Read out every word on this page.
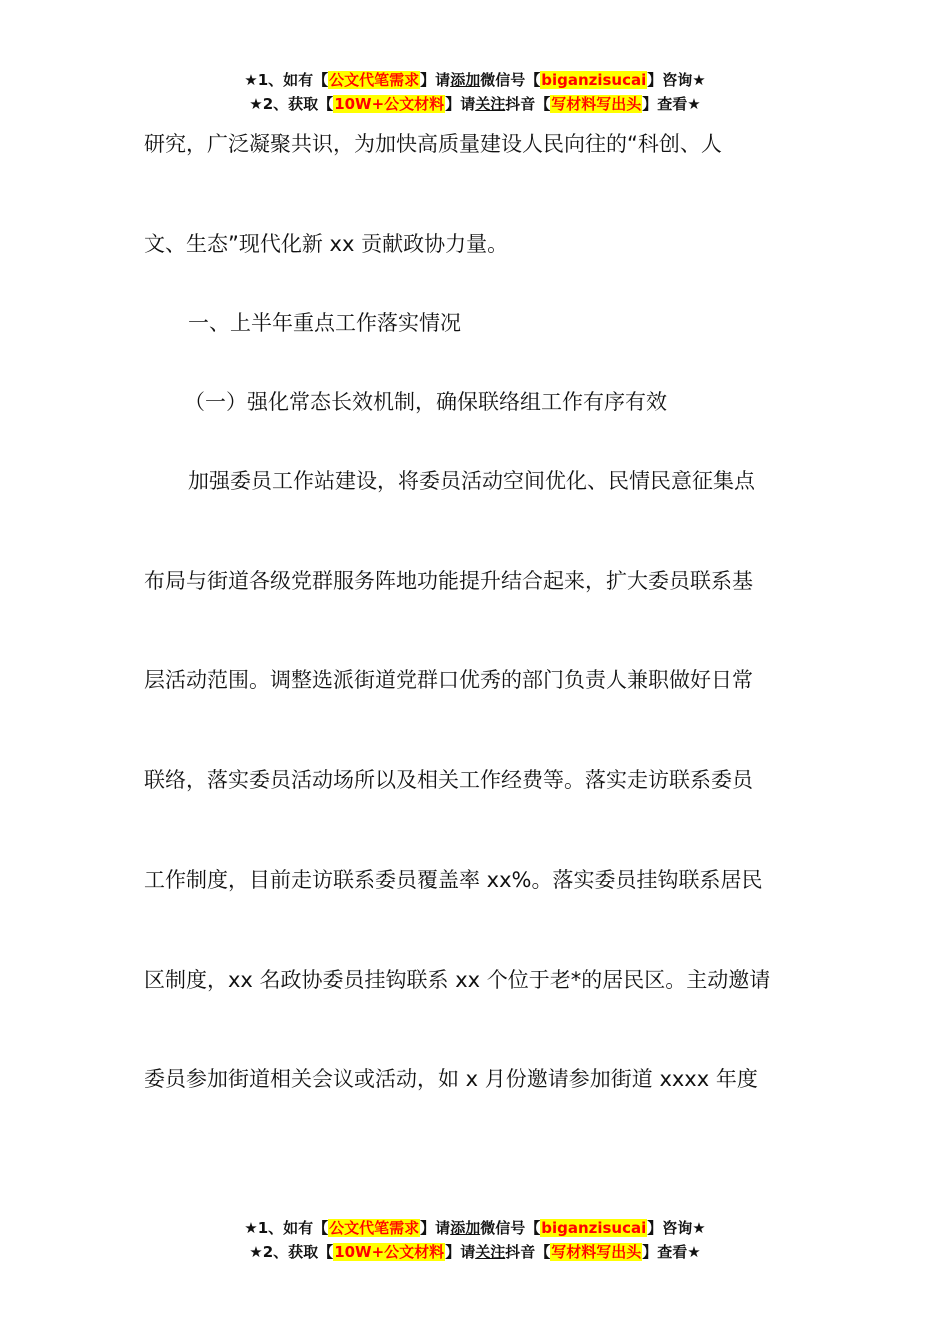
★1、如有【公文代笔需求】请添加微信号【biganzisucai】咨询★
★2、获取【10W+公文材料】请关注抖音【写材料写出头】查看★
研究，广泛凝聚共识，为加快高质量建设人民向往的“科创、人
文、生态”现代化新 xx 贡献政协力量。
一、上半年重点工作落实情况
（一）强化常态长效机制，确保联络组工作有序有效
加强委员工作站建设，将委员活动空间优化、民情民意征集点
布局与街道各级党群服务阵地功能提升结合起来，扩大委员联系基
层活动范围。调整选派街道党群口优秀的部门负责人兼职做好日常
联络，落实委员活动场所以及相关工作经费等。落实走访联系委员
工作制度，目前走访联系委员覆盖率 xx%。落实委员挂钩联系居民
区制度，xx 名政协委员挂钩联系 xx 个位于老*的居民区。主动邀请
委员参加街道相关会议或活动，如 x 月份邀请参加街道 xxxx 年度
★1、如有【公文代笔需求】请添加微信号【biganzisucai】咨询★
★2、获取【10W+公文材料】请关注抖音【写材料写出头】查看★
